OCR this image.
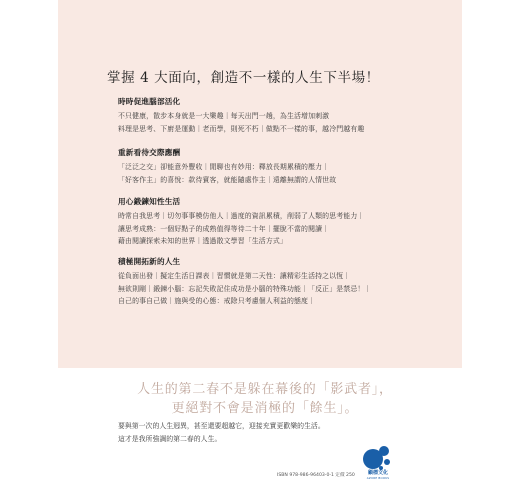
掌握 4 大面向，創造不一樣的人生下半場！
時時促進腦部活化
不只健康，散步本身就是一大樂趣｜每天出門一趟，為生活增加刺激
料理是思考、下廚是運動｜老而學，則死不朽｜做點不一樣的事，越冷門越有趣
重新看待交際應酬
「泛泛之交」卻能意外豐收｜閒聊也有妙用：釋放長期累積的壓力｜
「好客作主」的喜悅：款待賓客，就能隨處作主｜遠離無謂的人情世故
用心鍛鍊知性生活
時常自我思考｜切勿事事模仿他人｜過度的資訊累積，削弱了人類的思考能力｜
讓思考成熟：一個好點子的成熟值得等待二十年｜擺脫不當的閱讀｜
藉由閱讀探索未知的世界｜透過散文學習「生活方式」
積極開拓新的人生
從負面出發｜擬定生活日課表｜習慣就是第二天性：讓精彩生活持之以恆｜
無欲則剛｜鍛鍊小腦：忘記失敗記住成功是小腦的特殊功能｜「反正」是禁忌！｜
自己的事自己做｜施與受的心態：戒除只考慮個人利益的態度｜
人生的第二春不是躲在幕後的「影武者」，
更絕對不會是消極的「餘生」。
要與第一次的人生迥異，甚至還要超越它，迎接充實更歡樂的生活。
這才是我所強調的第二春的人生。
ISBN 978-986-96403-0-1 定價 250	顧標文化
AZURE BOOKS
